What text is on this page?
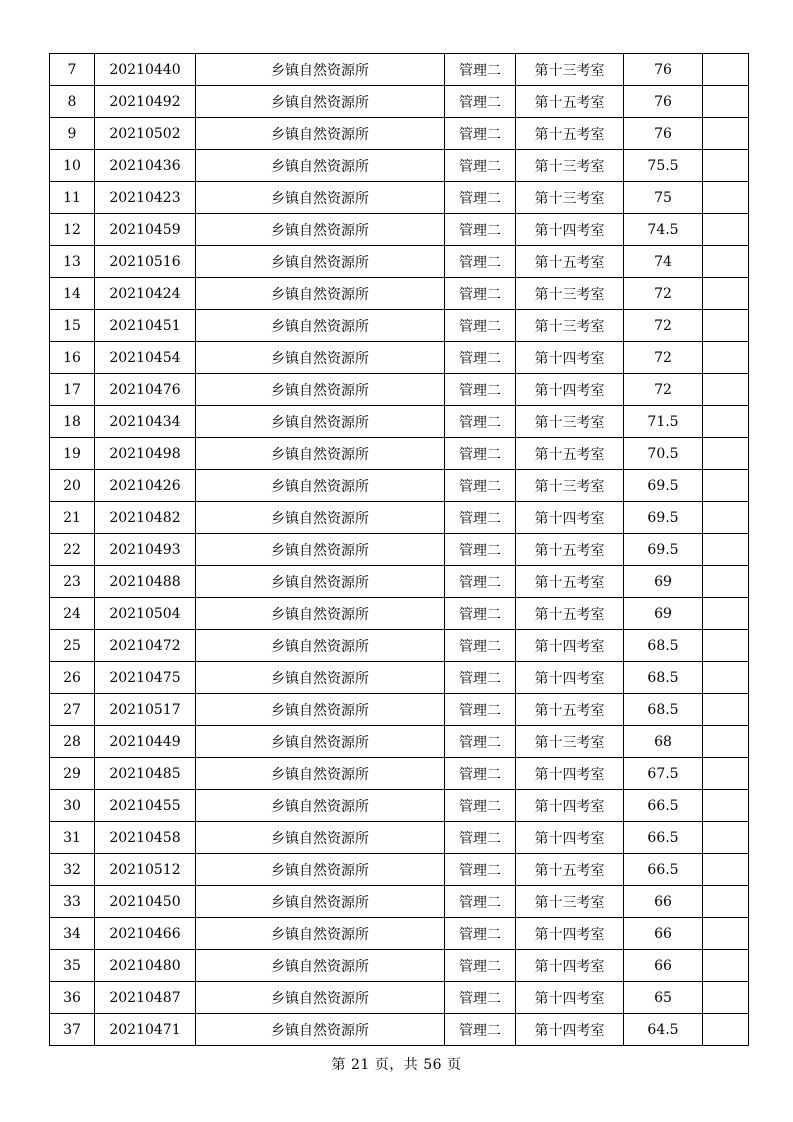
7	20210440	乡镇自然资源所	管理二	第十三考室	76	
8	20210492	乡镇自然资源所	管理二	第十五考室	76	
9	20210502	乡镇自然资源所	管理二	第十五考室	76	
10	20210436	乡镇自然资源所	管理二	第十三考室	75.5	
11	20210423	乡镇自然资源所	管理二	第十三考室	75	
12	20210459	乡镇自然资源所	管理二	第十四考室	74.5	
13	20210516	乡镇自然资源所	管理二	第十五考室	74	
14	20210424	乡镇自然资源所	管理二	第十三考室	72	
15	20210451	乡镇自然资源所	管理二	第十三考室	72	
16	20210454	乡镇自然资源所	管理二	第十四考室	72	
17	20210476	乡镇自然资源所	管理二	第十四考室	72	
18	20210434	乡镇自然资源所	管理二	第十三考室	71.5	
19	20210498	乡镇自然资源所	管理二	第十五考室	70.5	
20	20210426	乡镇自然资源所	管理二	第十三考室	69.5	
21	20210482	乡镇自然资源所	管理二	第十四考室	69.5	
22	20210493	乡镇自然资源所	管理二	第十五考室	69.5	
23	20210488	乡镇自然资源所	管理二	第十五考室	69	
24	20210504	乡镇自然资源所	管理二	第十五考室	69	
25	20210472	乡镇自然资源所	管理二	第十四考室	68.5	
26	20210475	乡镇自然资源所	管理二	第十四考室	68.5	
27	20210517	乡镇自然资源所	管理二	第十五考室	68.5	
28	20210449	乡镇自然资源所	管理二	第十三考室	68	
29	20210485	乡镇自然资源所	管理二	第十四考室	67.5	
30	20210455	乡镇自然资源所	管理二	第十四考室	66.5	
31	20210458	乡镇自然资源所	管理二	第十四考室	66.5	
32	20210512	乡镇自然资源所	管理二	第十五考室	66.5	
33	20210450	乡镇自然资源所	管理二	第十三考室	66	
34	20210466	乡镇自然资源所	管理二	第十四考室	66	
35	20210480	乡镇自然资源所	管理二	第十四考室	66	
36	20210487	乡镇自然资源所	管理二	第十四考室	65	
37	20210471	乡镇自然资源所	管理二	第十四考室	64.5	
第 21 页，共 56 页
